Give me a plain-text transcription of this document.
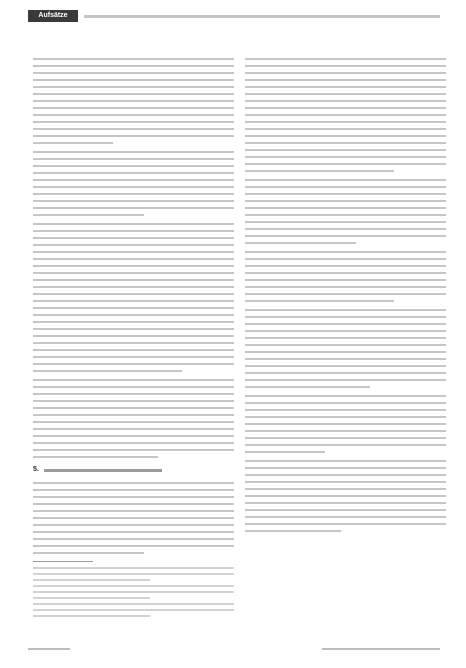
Aufsätze
5.
